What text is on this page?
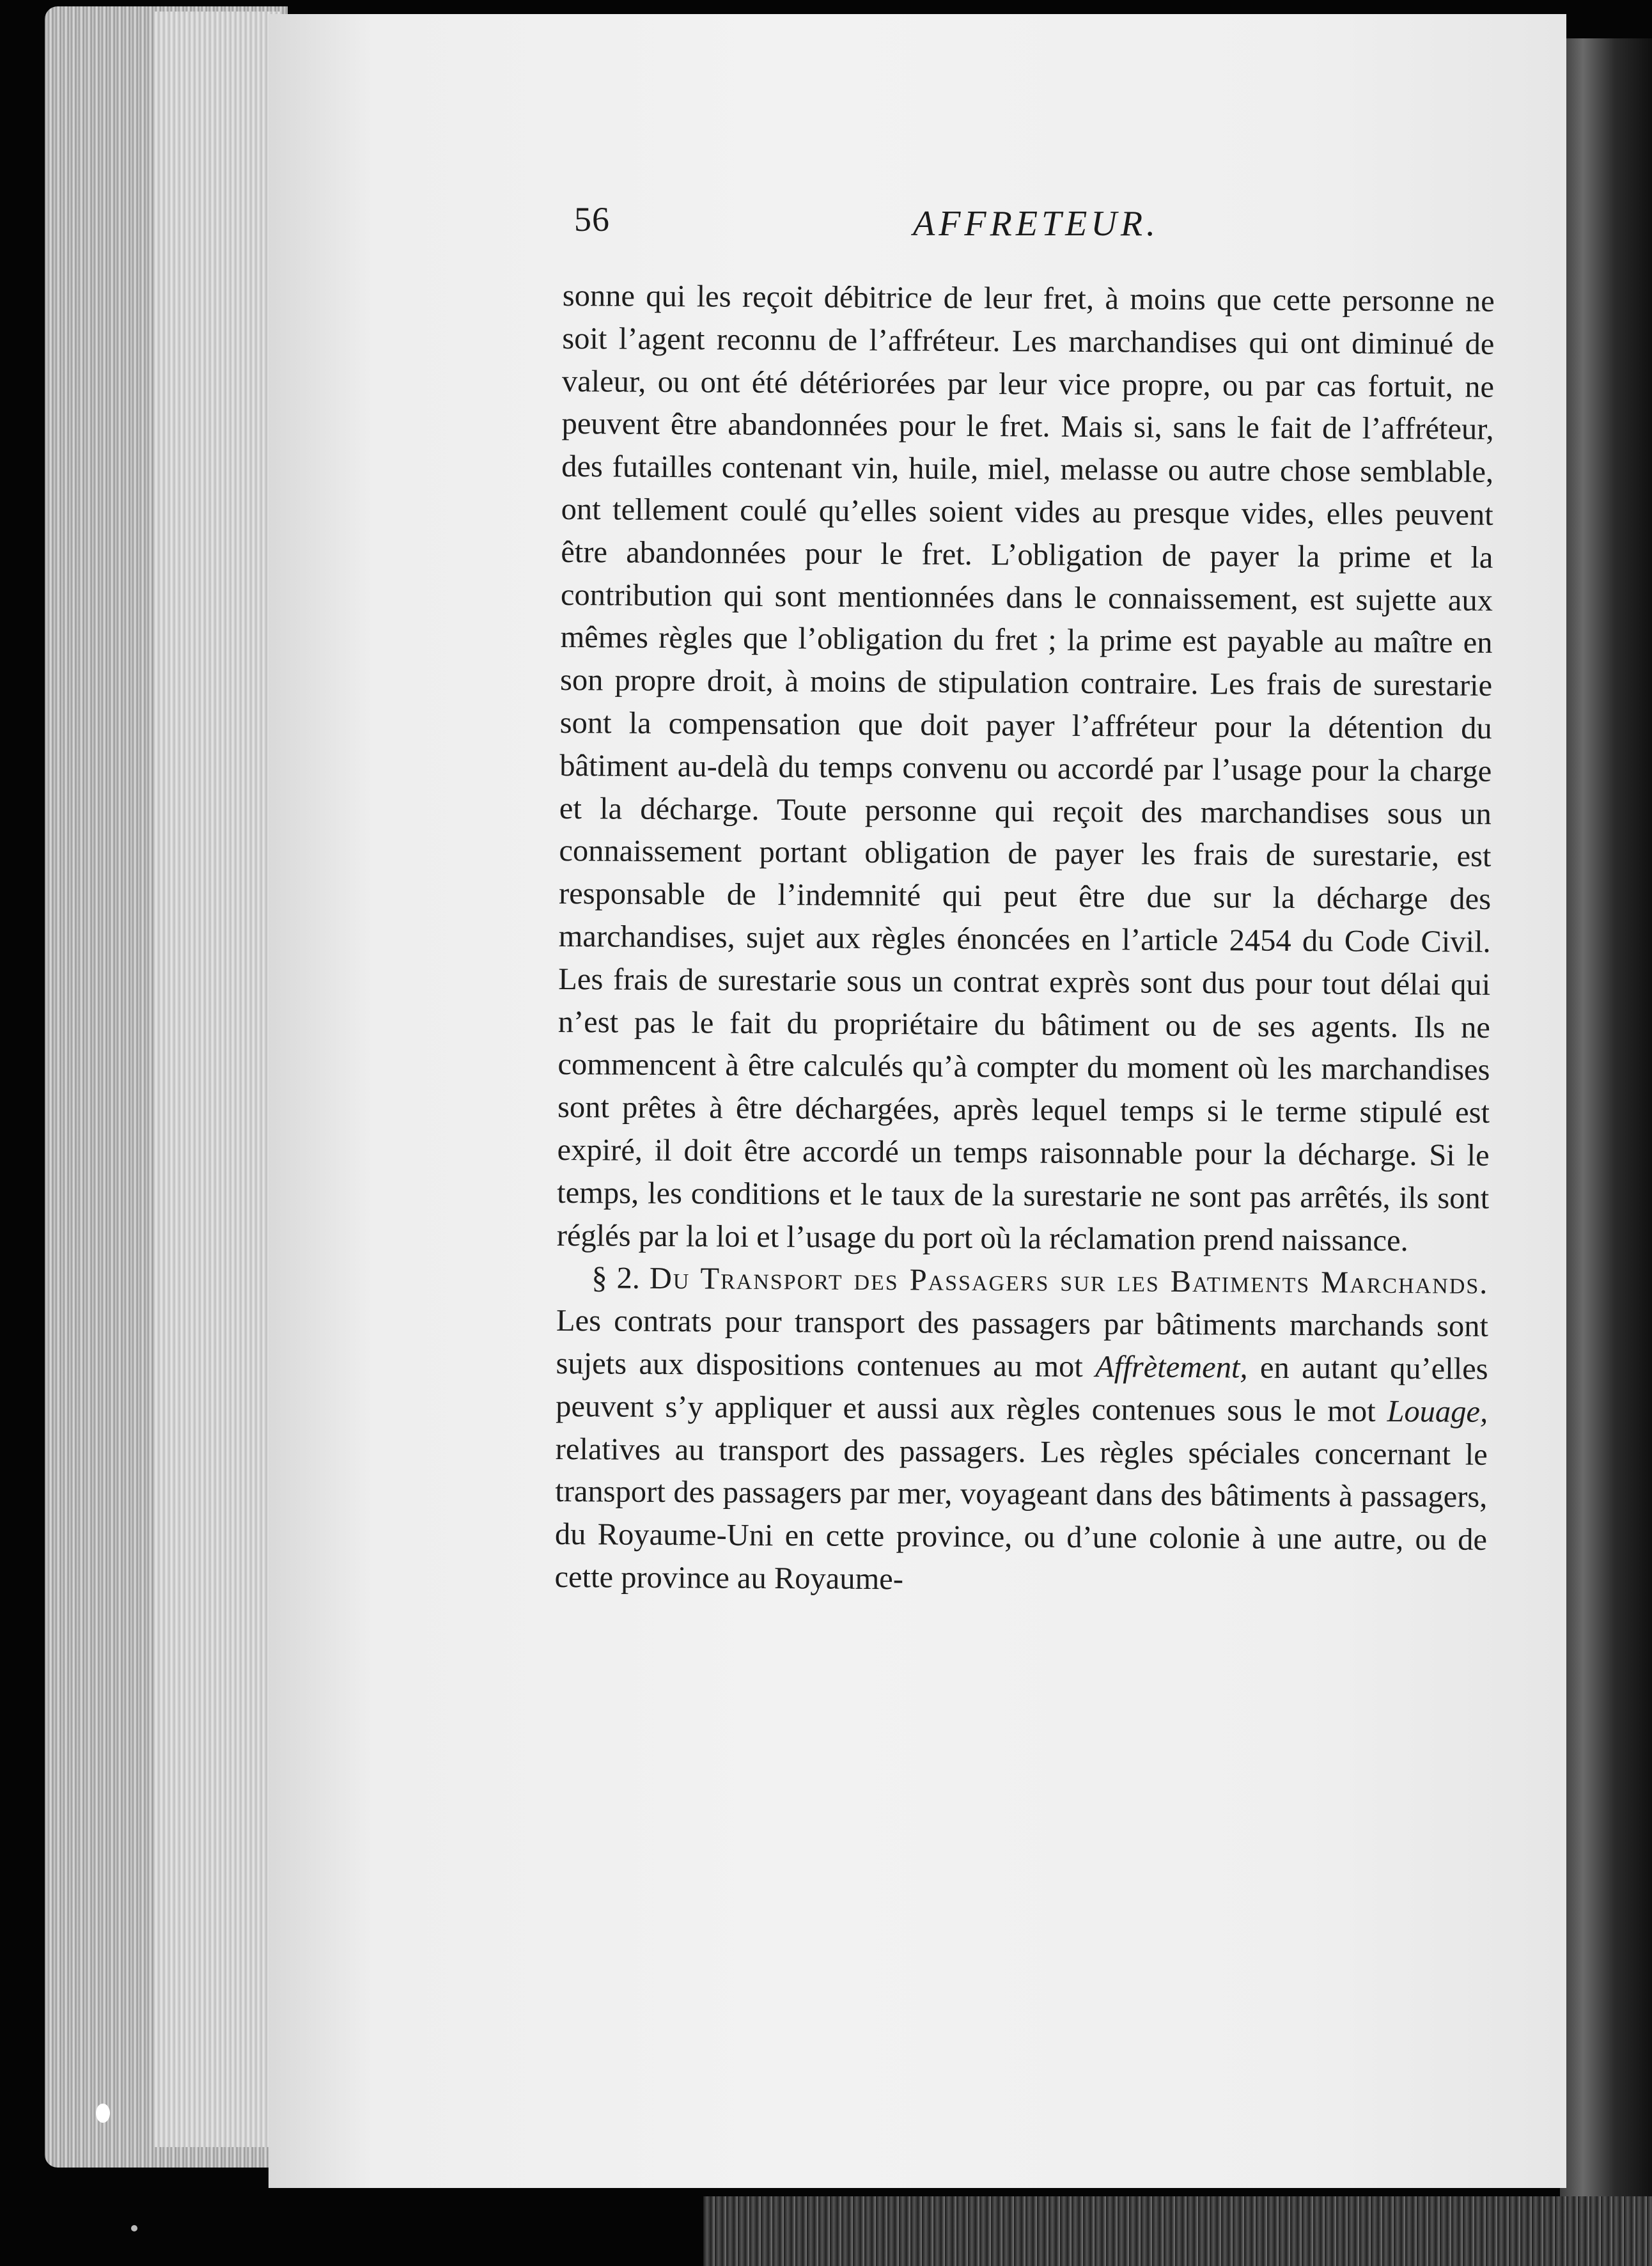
56	AFFRETEUR.

sonne qui les reçoit débitrice de leur fret, à moins que cette personne ne soit l’agent reconnu de l’affréteur. Les marchandises qui ont diminué de valeur, ou ont été détériorées par leur vice propre, ou par cas fortuit, ne peuvent être abandonnées pour le fret. Mais si, sans le fait de l’affréteur, des futailles contenant vin, huile, miel, melasse ou autre chose semblable, ont tellement coulé qu’elles soient vides au presque vides, elles peuvent être abandonnées pour le fret. L’obligation de payer la prime et la contribution qui sont mentionnées dans le connaissement, est sujette aux mêmes règles que l’obligation du fret ; la prime est payable au maître en son propre droit, à moins de stipulation contraire. Les frais de surestarie sont la compensation que doit payer l’affréteur pour la détention du bâtiment au-delà du temps convenu ou accordé par l’usage pour la charge et la décharge. Toute personne qui reçoit des marchandises sous un connaissement portant obligation de payer les frais de surestarie, est responsable de l’indemnité qui peut être due sur la décharge des marchandises, sujet aux règles énoncées en l’article 2454 du Code Civil. Les frais de surestarie sous un contrat exprès sont dus pour tout délai qui n’est pas le fait du propriétaire du bâtiment ou de ses agents. Ils ne commencent à être calculés qu’à compter du moment où les marchandises sont prêtes à être déchargées, après lequel temps si le terme stipulé est expiré, il doit être accordé un temps raisonnable pour la décharge. Si le temps, les conditions et le taux de la surestarie ne sont pas arrêtés, ils sont réglés par la loi et l’usage du port où la réclamation prend naissance.

§ 2. Du Transport des Passagers sur les Batiments Marchands. Les contrats pour transport des passagers par bâtiments marchands sont sujets aux dispositions contenues au mot Affrètement, en autant qu’elles peuvent s’y appliquer et aussi aux règles contenues sous le mot Louage, relatives au transport des passagers. Les règles spéciales concernant le transport des passagers par mer, voyageant dans des bâtiments à passagers, du Royaume-Uni en cette province, ou d’une colonie à une autre, ou de cette province au Royaume-
